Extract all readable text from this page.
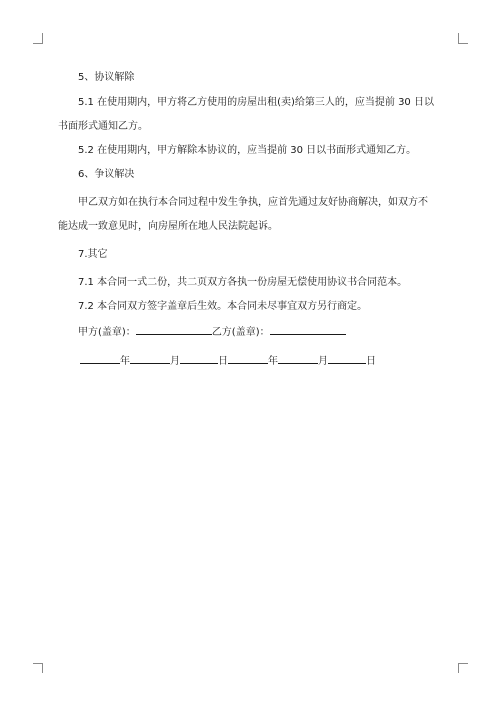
5、协议解除

5.1 在使用期内，甲方将乙方使用的房屋出租(卖)给第三人的，应当提前 30 日以

书面形式通知乙方。

5.2 在使用期内，甲方解除本协议的，应当提前 30 日以书面形式通知乙方。

6、争议解决

甲乙双方如在执行本合同过程中发生争执，应首先通过友好协商解决，如双方不

能达成一致意见时，向房屋所在地人民法院起诉。

7.其它

7.1 本合同一式二份，共二页双方各执一份房屋无偿使用协议书合同范本。

7.2 本合同双方签字盖章后生效。本合同未尽事宜双方另行商定。

甲方(盖章)：	乙方(盖章)：
年	月	日	年	月	日
